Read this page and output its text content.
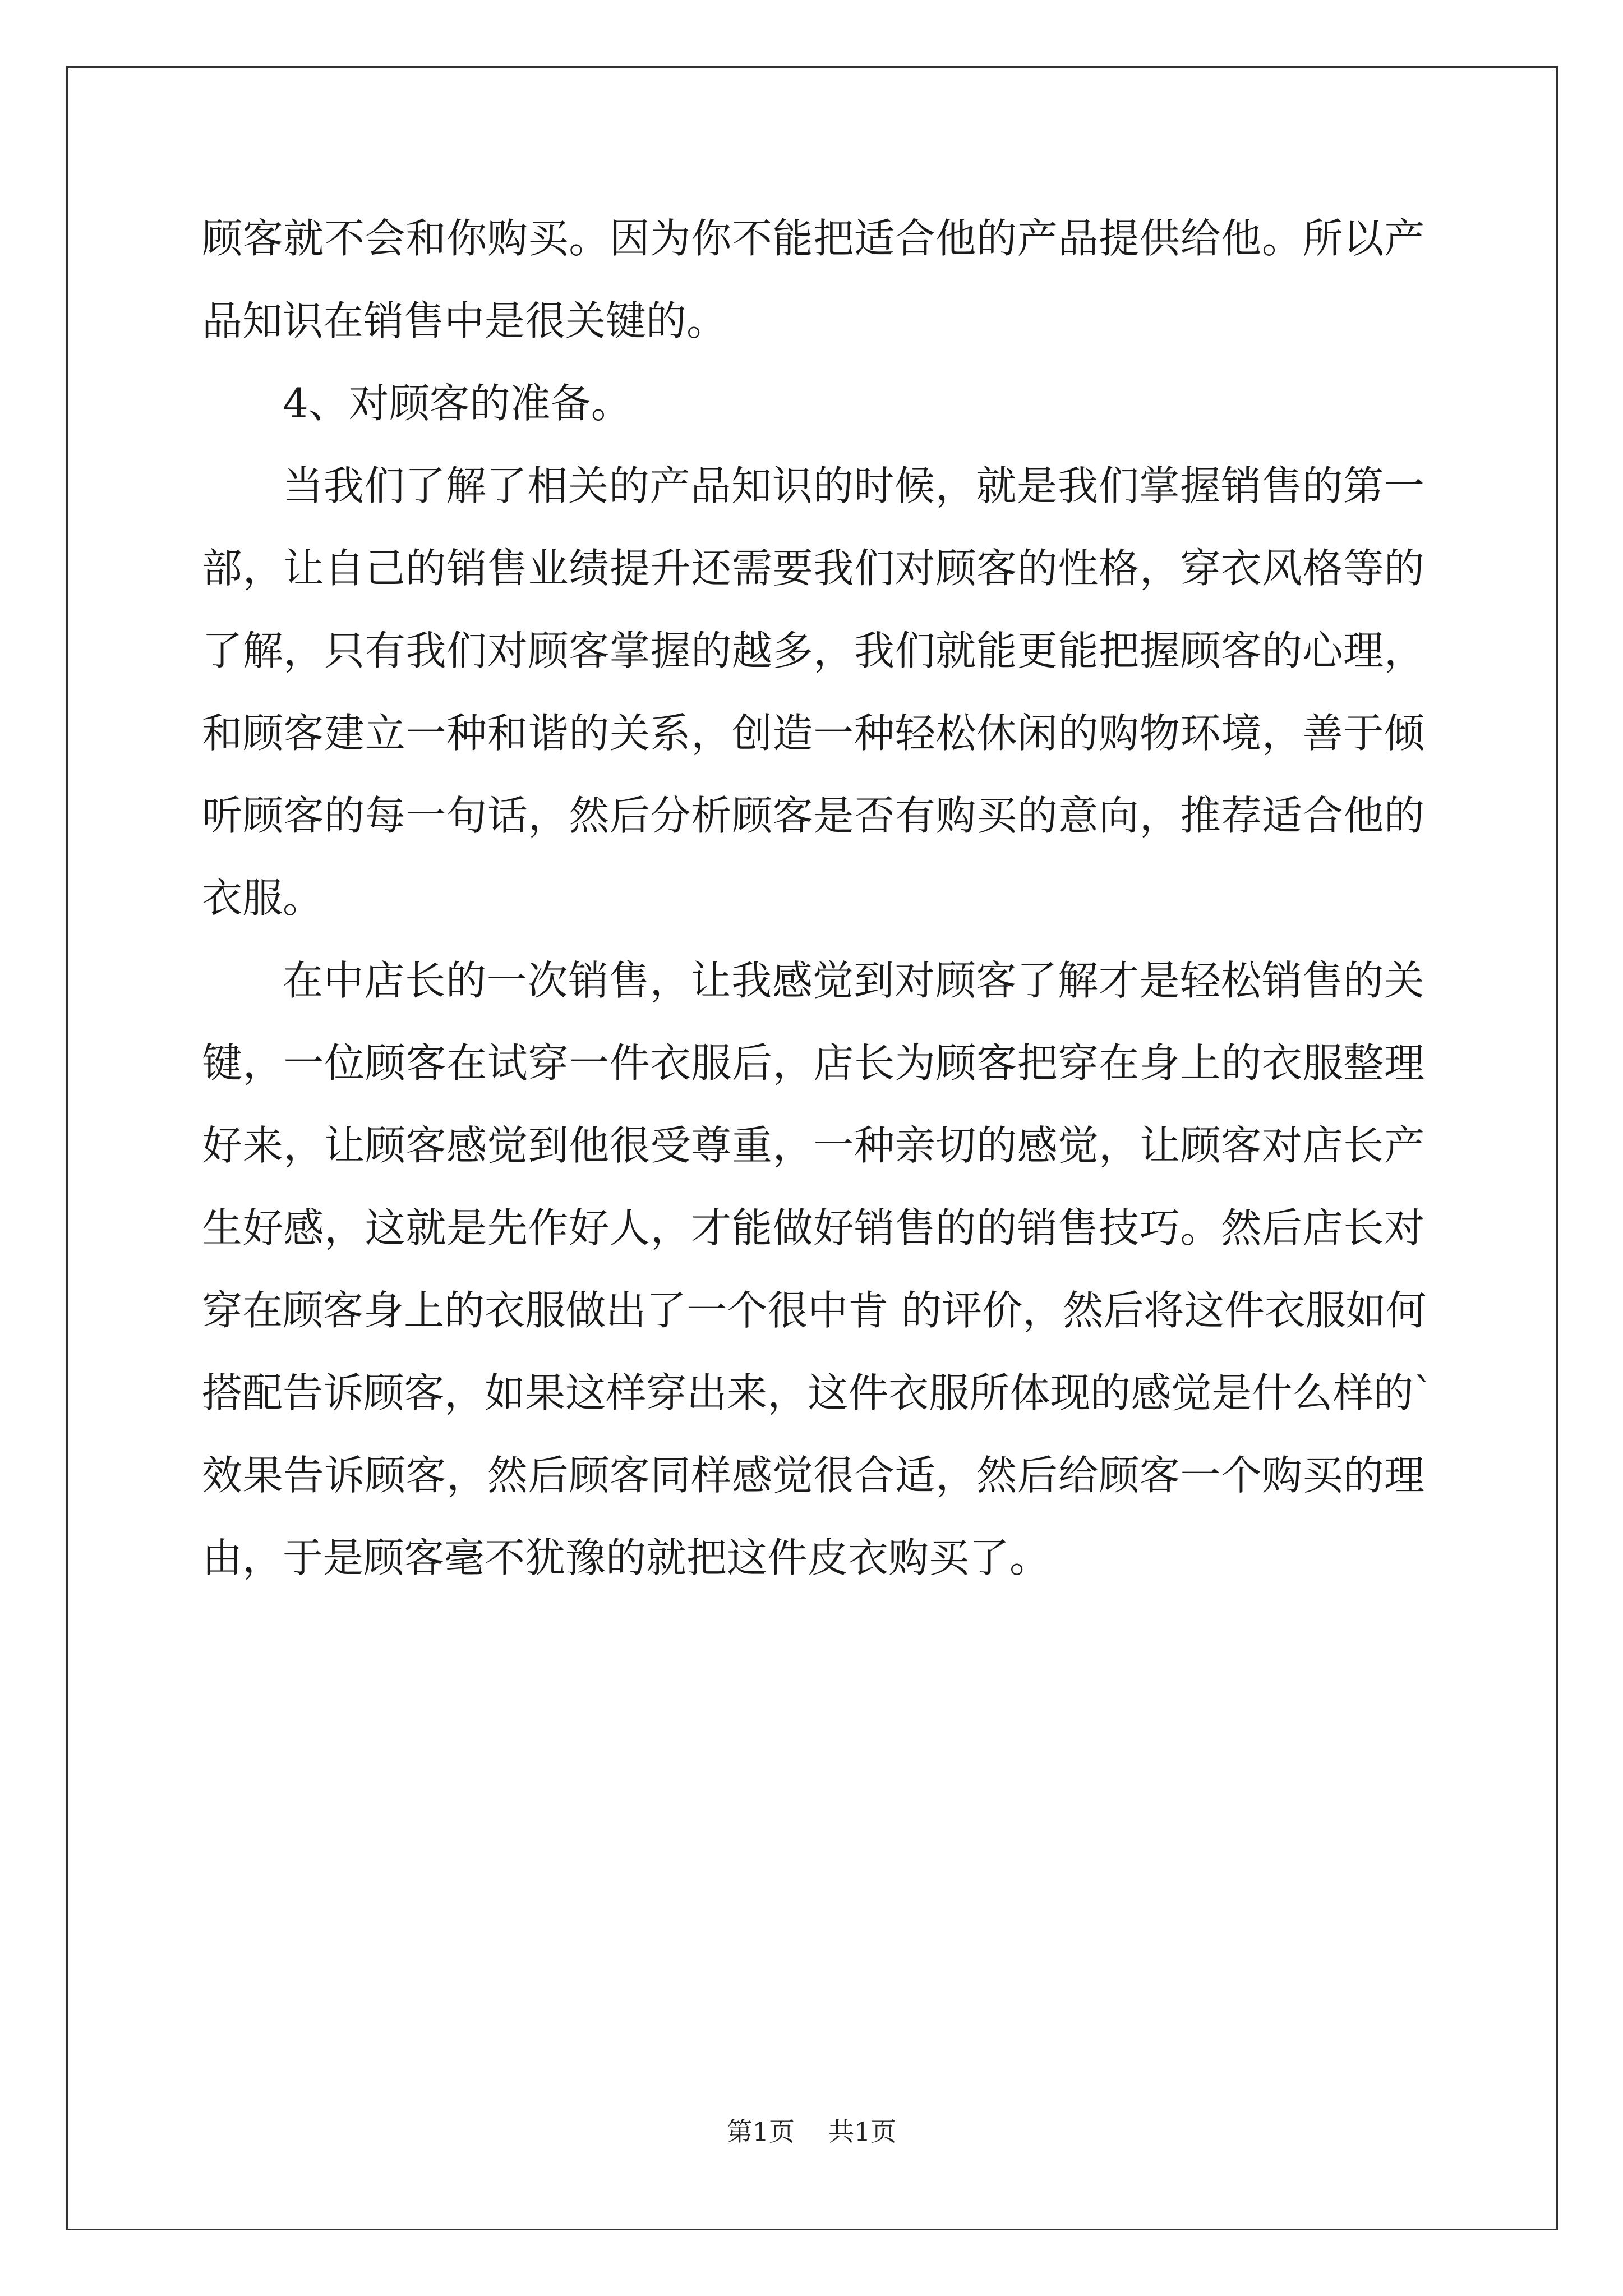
顾 客 就 不 会 和 你 购 买 。 因 为 你 不 能 把 适 合 他 的 产 品 提 供 给 他 。 所 以 产
品知识在销售中是很关键的。
4、对顾客的准备。
当 我 们 了 解 了 相 关 的 产 品 知 识 的 时 候 ， 就 是 我 们 掌 握 销 售 的 第 一
部 ， 让 自 己 的 销 售 业 绩 提 升 还 需 要 我 们 对 顾 客 的 性 格 ， 穿 衣 风 格 等 的
了 解 ， 只 有 我 们 对 顾 客 掌 握 的 越 多 ， 我 们 就 能 更 能 把 握 顾 客 的 心 理 ，
和 顾 客 建 立 一 种 和 谐 的 关 系 ， 创 造 一 种 轻 松 休 闲 的 购 物 环 境 ， 善 于 倾
听 顾 客 的 每 一 句 话 ， 然 后 分 析 顾 客 是 否 有 购 买 的 意 向 ， 推 荐 适 合 他 的
衣服。
在 中 店 长 的 一 次 销 售 ， 让 我 感 觉 到 对 顾 客 了 解 才 是 轻 松 销 售 的 关
键 ， 一 位 顾 客 在 试 穿 一 件 衣 服 后 ， 店 长 为 顾 客 把 穿 在 身 上 的 衣 服 整 理
好 来 ， 让 顾 客 感 觉 到 他 很 受 尊 重 ， 一 种 亲 切 的 感 觉 ， 让 顾 客 对 店 长 产
生 好 感 ， 这 就 是 先 作 好 人 ， 才 能 做 好 销 售 的 的 销 售 技 巧 。 然 后 店 长 对
穿 在 顾 客 身 上 的 衣 服 做 出 了 一 个 很 中 肯
的 评 价 ， 然 后 将 这 件 衣 服 如 何
搭 配 告 诉 顾 客 ， 如 果 这 样 穿 出 来 ， 这 件 衣 服 所 体 现 的 感 觉 是 什 么 样 的 `
效 果 告 诉 顾 客 ， 然 后 顾 客 同 样 感 觉 很 合 适 ， 然 后 给 顾 客 一 个 购 买 的 理
由，于是顾客毫不犹豫的就把这件皮衣购买了。
第1页 共1页
